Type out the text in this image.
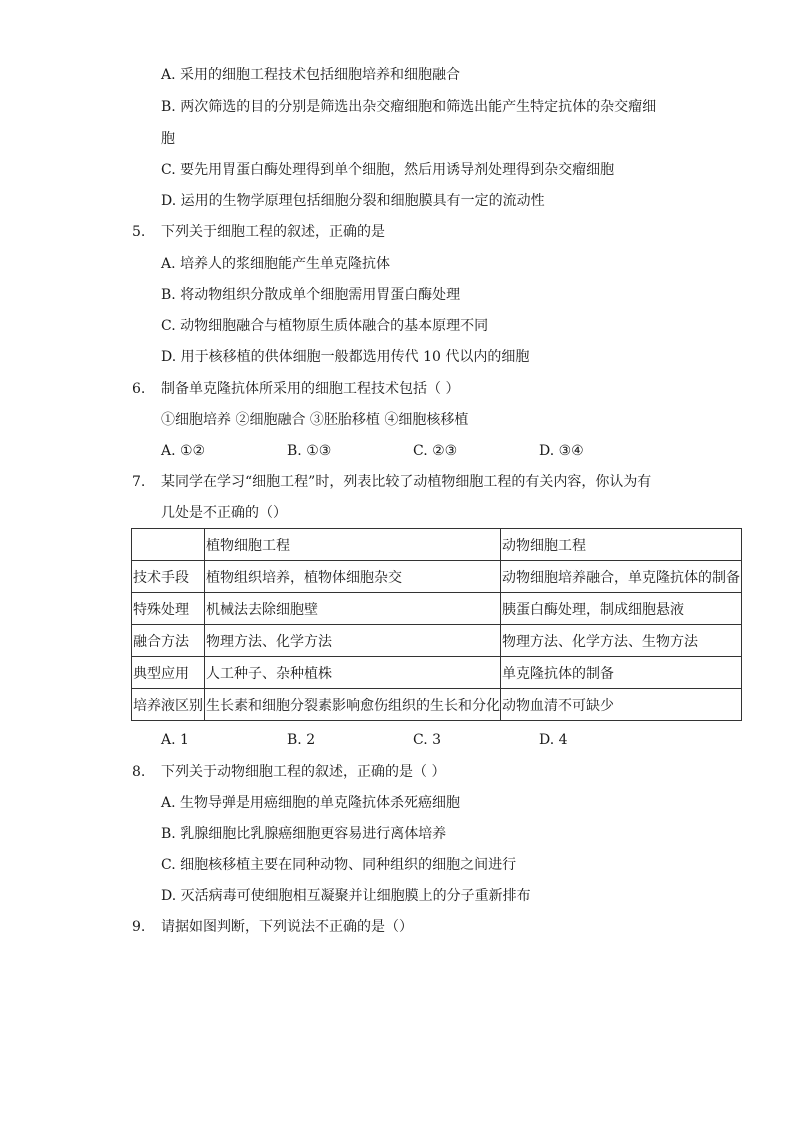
A. 采用的细胞工程技术包括细胞培养和细胞融合
B. 两次筛选的目的分别是筛选出杂交瘤细胞和筛选出能产生特定抗体的杂交瘤细
胞
C. 要先用胃蛋白酶处理得到单个细胞，然后用诱导剂处理得到杂交瘤细胞
D. 运用的生物学原理包括细胞分裂和细胞膜具有一定的流动性
5. 下列关于细胞工程的叙述，正确的是
A. 培养人的浆细胞能产生单克隆抗体
B. 将动物组织分散成单个细胞需用胃蛋白酶处理
C. 动物细胞融合与植物原生质体融合的基本原理不同
D. 用于核移植的供体细胞一般都选用传代 10 代以内的细胞
6. 制备单克隆抗体所采用的细胞工程技术包括（ ）
①细胞培养 ②细胞融合 ③胚胎移植 ④细胞核移植
A. ①②	B. ①③	C. ②③	D. ③④
7. 某同学在学习“细胞工程”时，列表比较了动植物细胞工程的有关内容，你认为有
几处是不正确的（）
	植物细胞工程	动物细胞工程
技术手段	植物组织培养，植物体细胞杂交	动物细胞培养融合，单克隆抗体的制备
特殊处理	机械法去除细胞壁	胰蛋白酶处理，制成细胞悬液
融合方法	物理方法、化学方法	物理方法、化学方法、生物方法
典型应用	人工种子、杂种植株	单克隆抗体的制备
培养液区别	生长素和细胞分裂素影响愈伤组织的生长和分化	动物血清不可缺少
A. 1	B. 2	C. 3	D. 4
8. 下列关于动物细胞工程的叙述，正确的是（ ）
A. 生物导弹是用癌细胞的单克隆抗体杀死癌细胞
B. 乳腺细胞比乳腺癌细胞更容易进行离体培养
C. 细胞核移植主要在同种动物、同种组织的细胞之间进行
D. 灭活病毒可使细胞相互凝聚并让细胞膜上的分子重新排布
9. 请据如图判断，下列说法不正确的是（）
